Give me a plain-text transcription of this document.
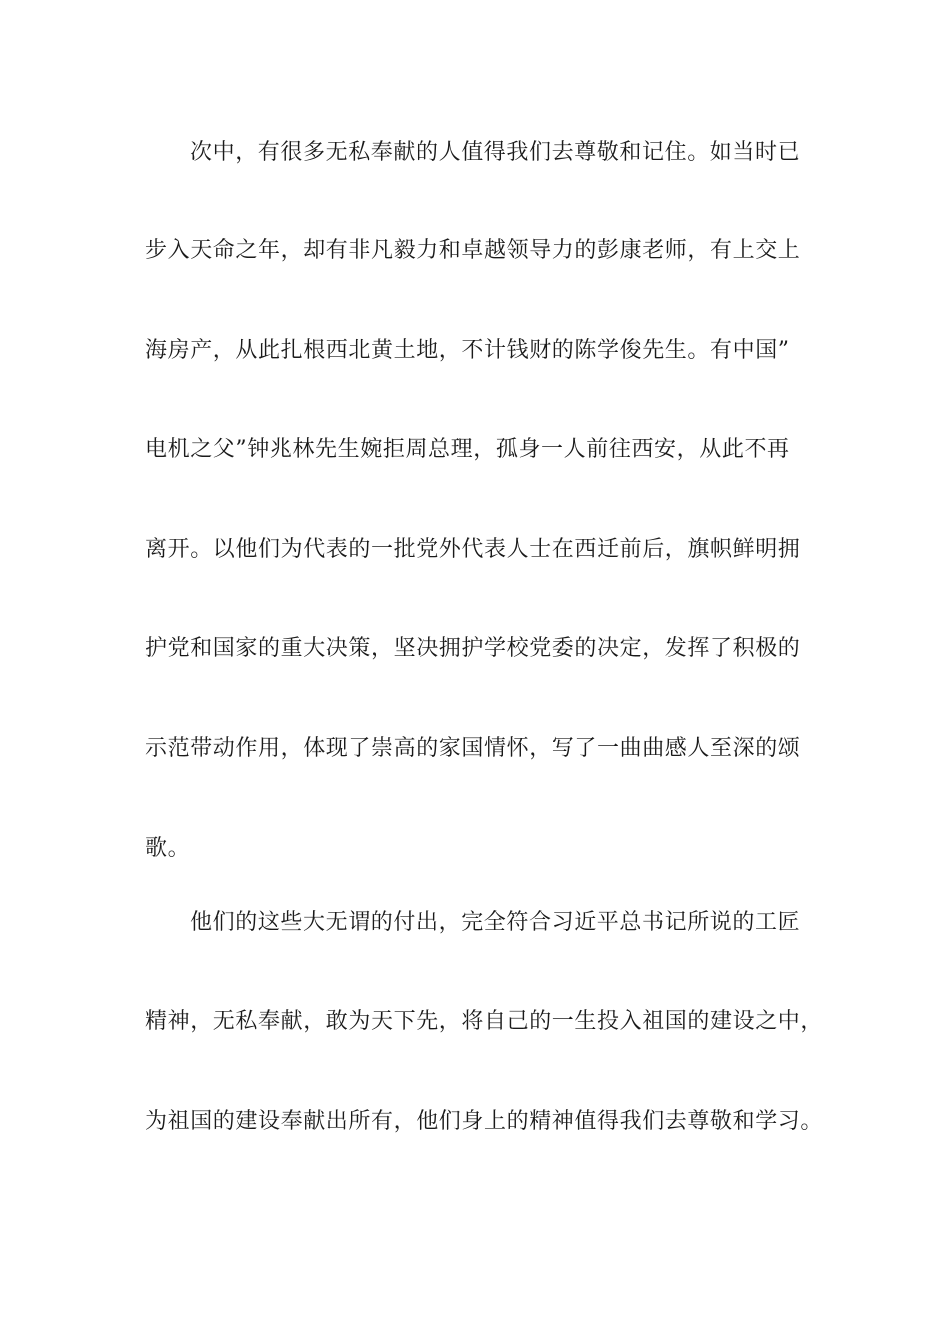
次中，有很多无私奉献的人值得我们去尊敬和记住。如当时已
步入天命之年，却有非凡毅力和卓越领导力的彭康老师，有上交上
海房产，从此扎根西北黄土地，不计钱财的陈学俊先生。有中国”
电机之父”钟兆林先生婉拒周总理，孤身一人前往西安，从此不再
离开。以他们为代表的一批党外代表人士在西迁前后，旗帜鲜明拥
护党和国家的重大决策，坚决拥护学校党委的决定，发挥了积极的
示范带动作用，体现了崇高的家国情怀，写了一曲曲感人至深的颂
歌。
他们的这些大无谓的付出，完全符合习近平总书记所说的工匠
精神，无私奉献，敢为天下先，将自己的一生投入祖国的建设之中，
为祖国的建设奉献出所有，他们身上的精神值得我们去尊敬和学习。
